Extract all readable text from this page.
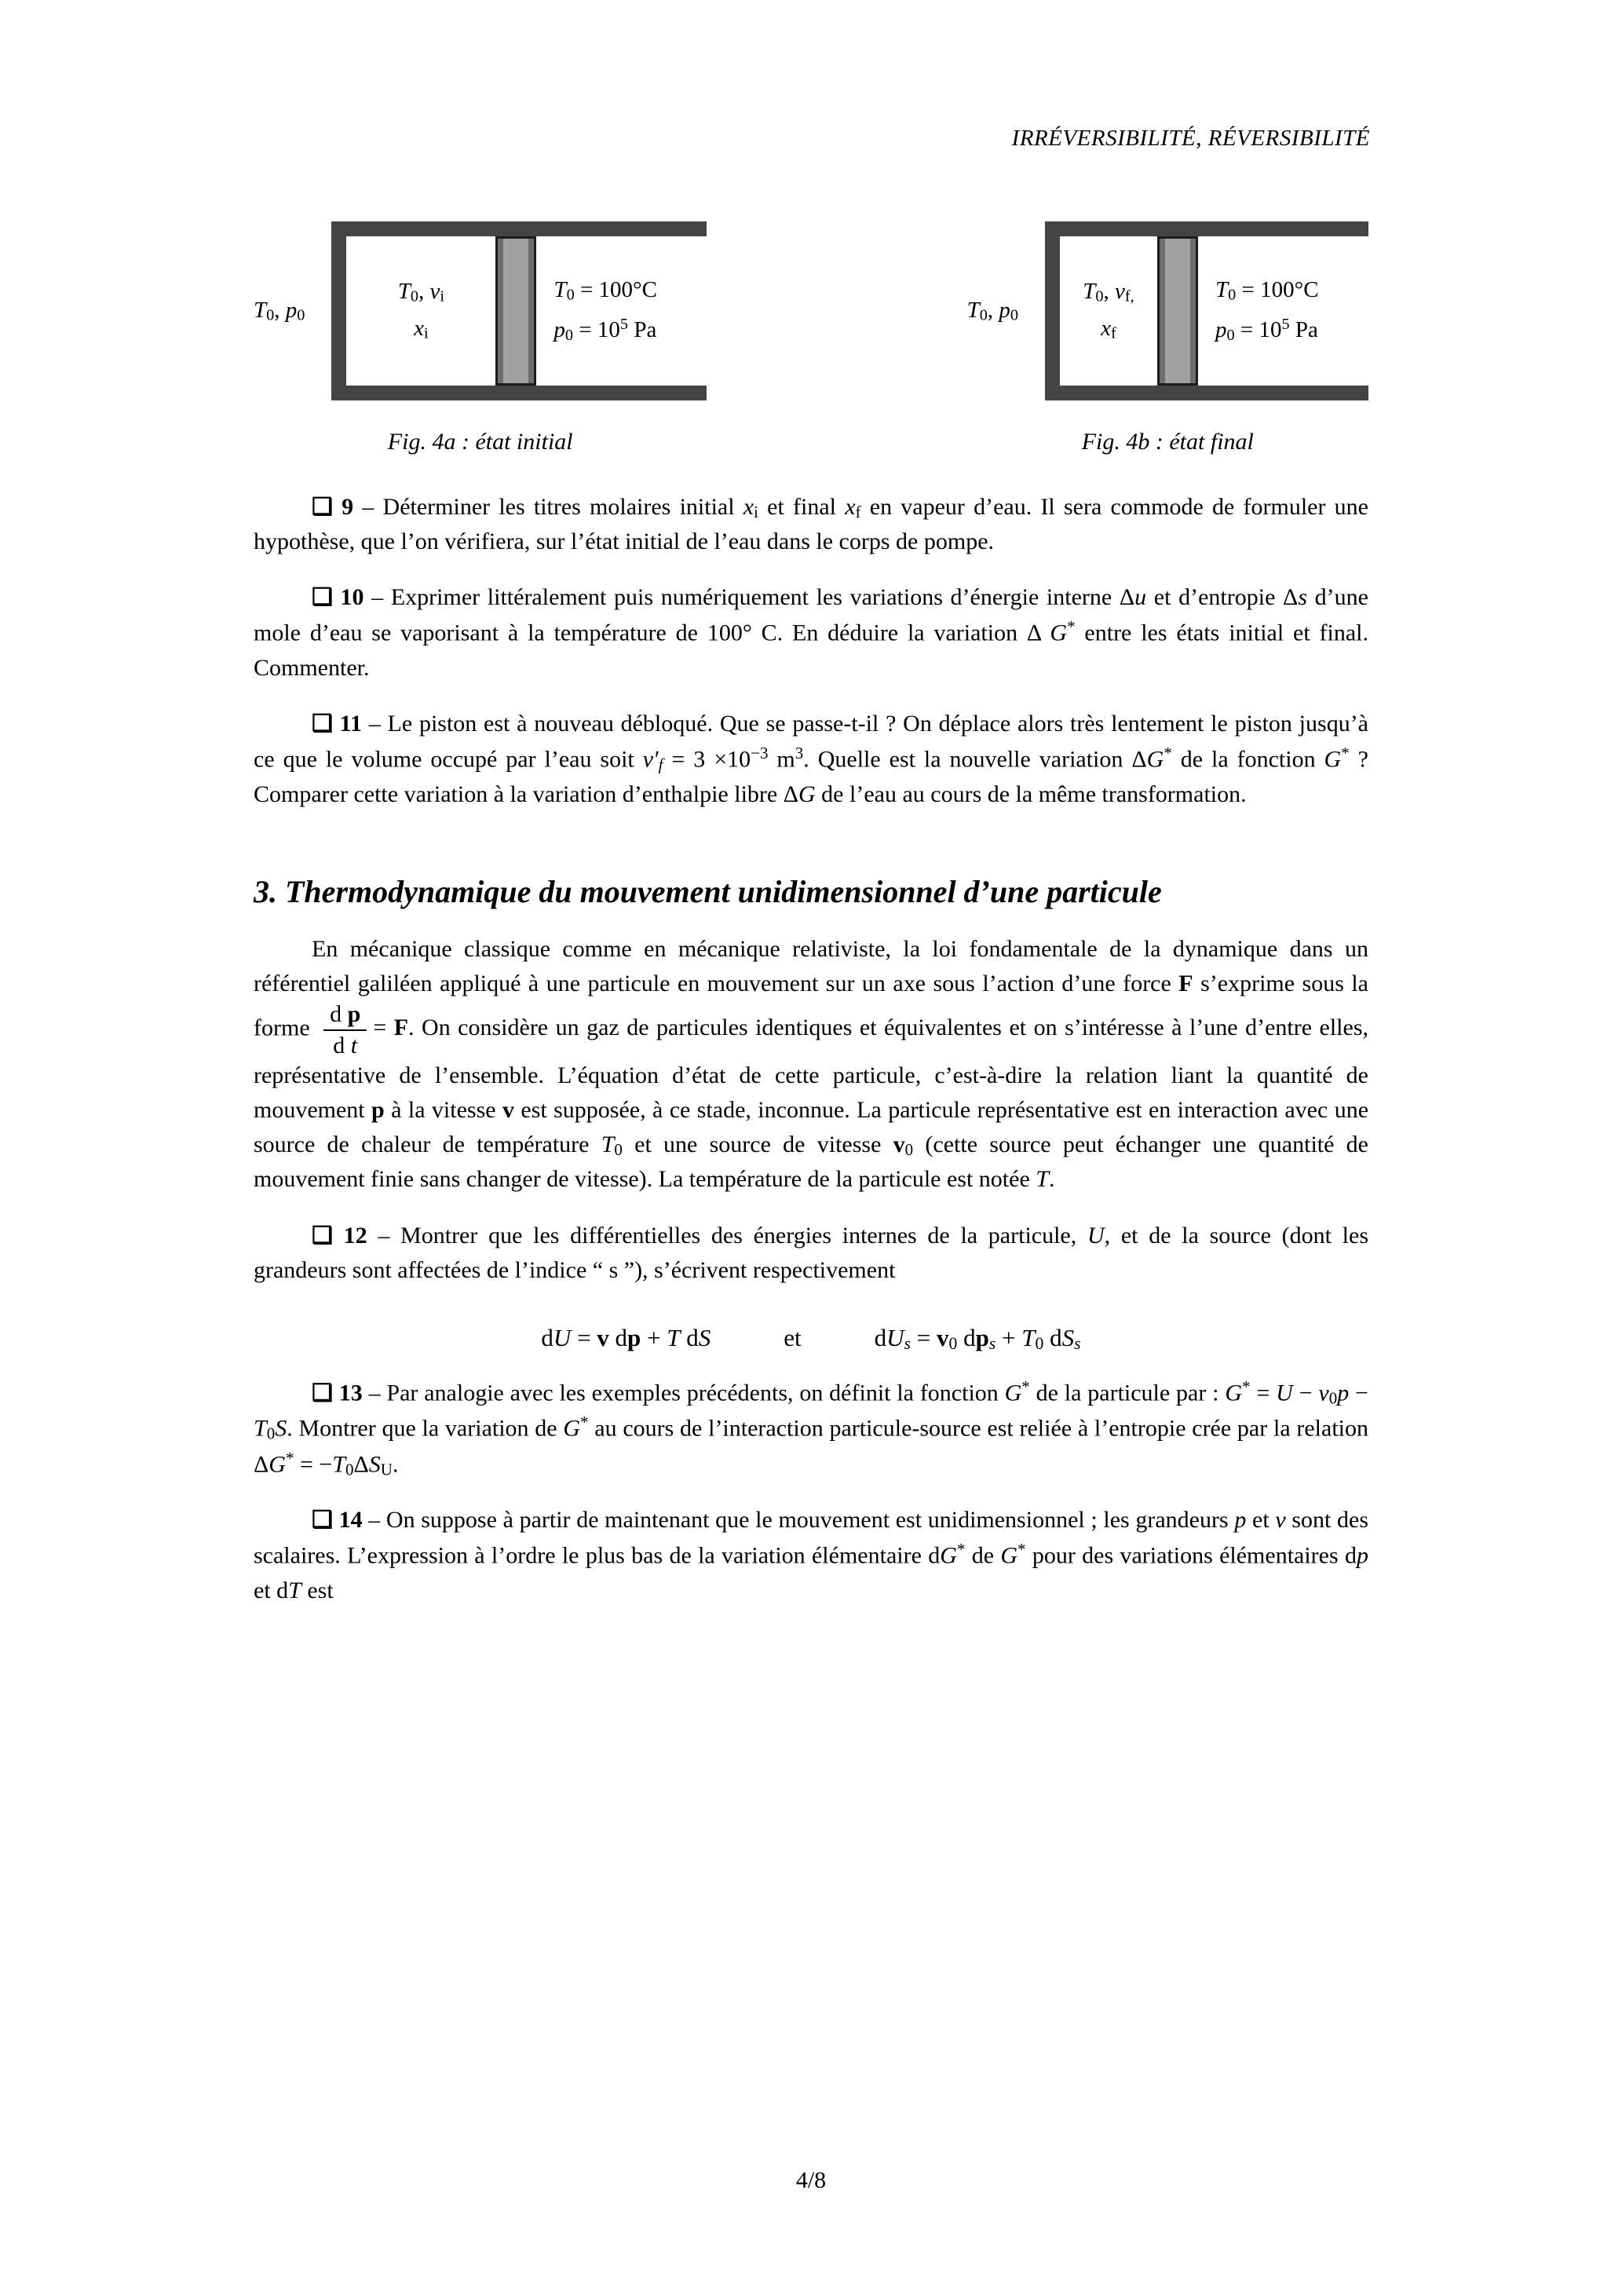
IRRÉVERSIBILITÉ, RÉVERSIBILITÉ
T0, p0
T0, vi
xi
T0 = 100°C
$p0 = 10^5$ Pa
Fig. 4a : état initial
T0, p0
T0, vf,
xf
T0 = 100°C
$p0 = 10^5$ Pa
Fig. 4b : état final

❑ 9 – Déterminer les titres molaires initial xi et final xf en vapeur d’eau. Il sera commode de formuler une hypothèse, que l’on vérifiera, sur l’état initial de l’eau dans le corps de pompe.

❑ 10 – Exprimer littéralement puis numériquement les variations d’énergie interne Δu et d’entropie Δs d’une mole d’eau se vaporisant à la température de 100° C. En déduire la variation Δ G* entre les états initial et final. Commenter.

❑ 11 – Le piston est à nouveau débloqué. Que se passe-t-il ? On déplace alors très lentement le piston jusqu’à ce que le volume occupé par l’eau soit $v'f = 3 \times 10^{-3}$ $m^3$. Quelle est la nouvelle variation ΔG* de la fonction G* ? Comparer cette variation à la variation d’enthalpie libre ΔG de l’eau au cours de la même transformation.

3. Thermodynamique du mouvement unidimensionnel d’une particule

En mécanique classique comme en mécanique relativiste, la loi fondamentale de la dynamique dans un référentiel galiléen appliqué à une particule en mouvement sur un axe sous l’action d’une force F s’exprime sous la forme $\frac{\text{d p}}{\text{d t}} = F$. On considère un gaz de particules identiques et équivalentes et on s’intéresse à l’une d’entre elles, représentative de l’ensemble. L’équation d’état de cette particule, c’est-à-dire la relation liant la quantité de mouvement p à la vitesse v est supposée, à ce stade, inconnue. La particule représentative est en interaction avec une source de chaleur de température T0 et une source de vitesse v0 (cette source peut échanger une quantité de mouvement finie sans changer de vitesse). La température de la particule est notée T.

❑ 12 – Montrer que les différentielles des énergies internes de la particule, U, et de la source (dont les grandeurs sont affectées de l’indice “ s ”), s’écrivent respectivement

dU = v dp + T dS   et   dUs = v0 dps + T0 dSs

❑ 13 – Par analogie avec les exemples précédents, on définit la fonction G* de la particule par : G* = U − v0p − T0S. Montrer que la variation de G* au cours de l’interaction particule-source est reliée à l’entropie crée par la relation ΔG* = −T0ΔSU.

❑ 14 – On suppose à partir de maintenant que le mouvement est unidimensionnel ; les grandeurs p et v sont des scalaires. L’expression à l’ordre le plus bas de la variation élémentaire dG* de G* pour des variations élémentaires dp et dT est

4/8
